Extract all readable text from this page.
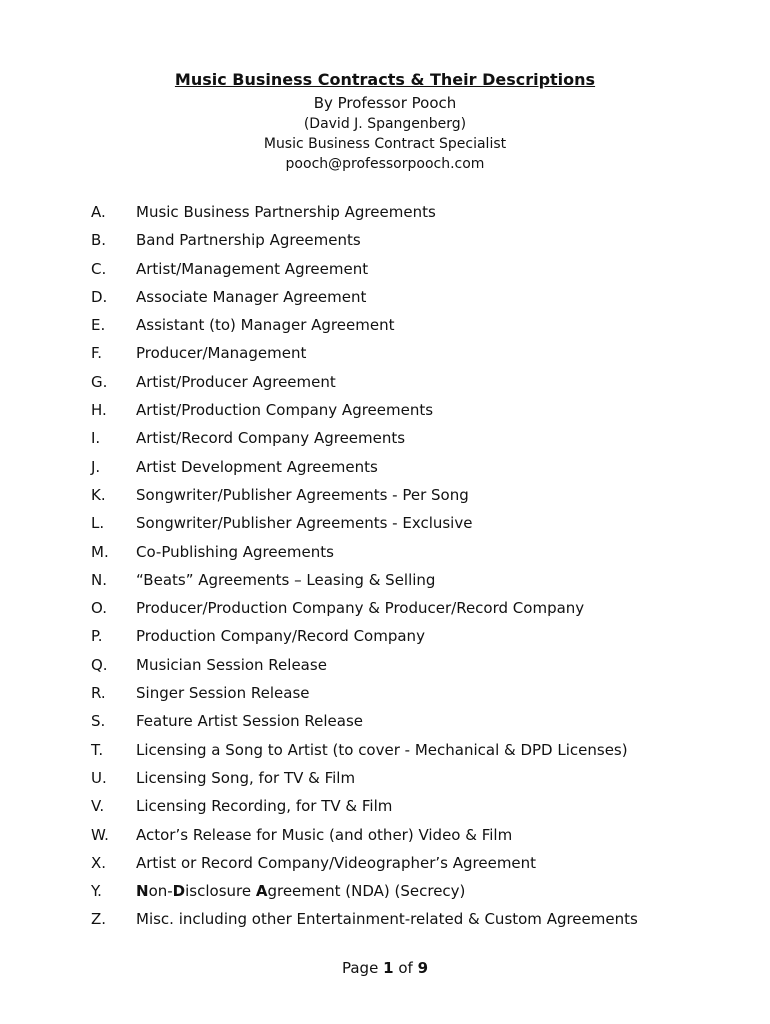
Music Business Contracts & Their Descriptions

By Professor Pooch

(David J. Spangenberg)

Music Business Contract Specialist

pooch@professorpooch.com

A. Music Business Partnership Agreements
B. Band Partnership Agreements
C. Artist/Management Agreement
D. Associate Manager Agreement
E. Assistant (to) Manager Agreement
F. Producer/Management
G. Artist/Producer Agreement
H. Artist/Production Company Agreements
I. Artist/Record Company Agreements
J. Artist Development Agreements
K. Songwriter/Publisher Agreements - Per Song
L. Songwriter/Publisher Agreements - Exclusive
M. Co-Publishing Agreements
N. “Beats” Agreements – Leasing & Selling
O. Producer/Production Company & Producer/Record Company
P. Production Company/Record Company
Q. Musician Session Release
R. Singer Session Release
S. Feature Artist Session Release
T. Licensing a Song to Artist (to cover - Mechanical & DPD Licenses)
U. Licensing Song, for TV & Film
V. Licensing Recording, for TV & Film
W. Actor’s Release for Music (and other) Video & Film
X. Artist or Record Company/Videographer’s Agreement
Y. Non-Disclosure Agreement (NDA) (Secrecy)
Z. Misc. including other Entertainment-related & Custom Agreements
Page 1 of 9
